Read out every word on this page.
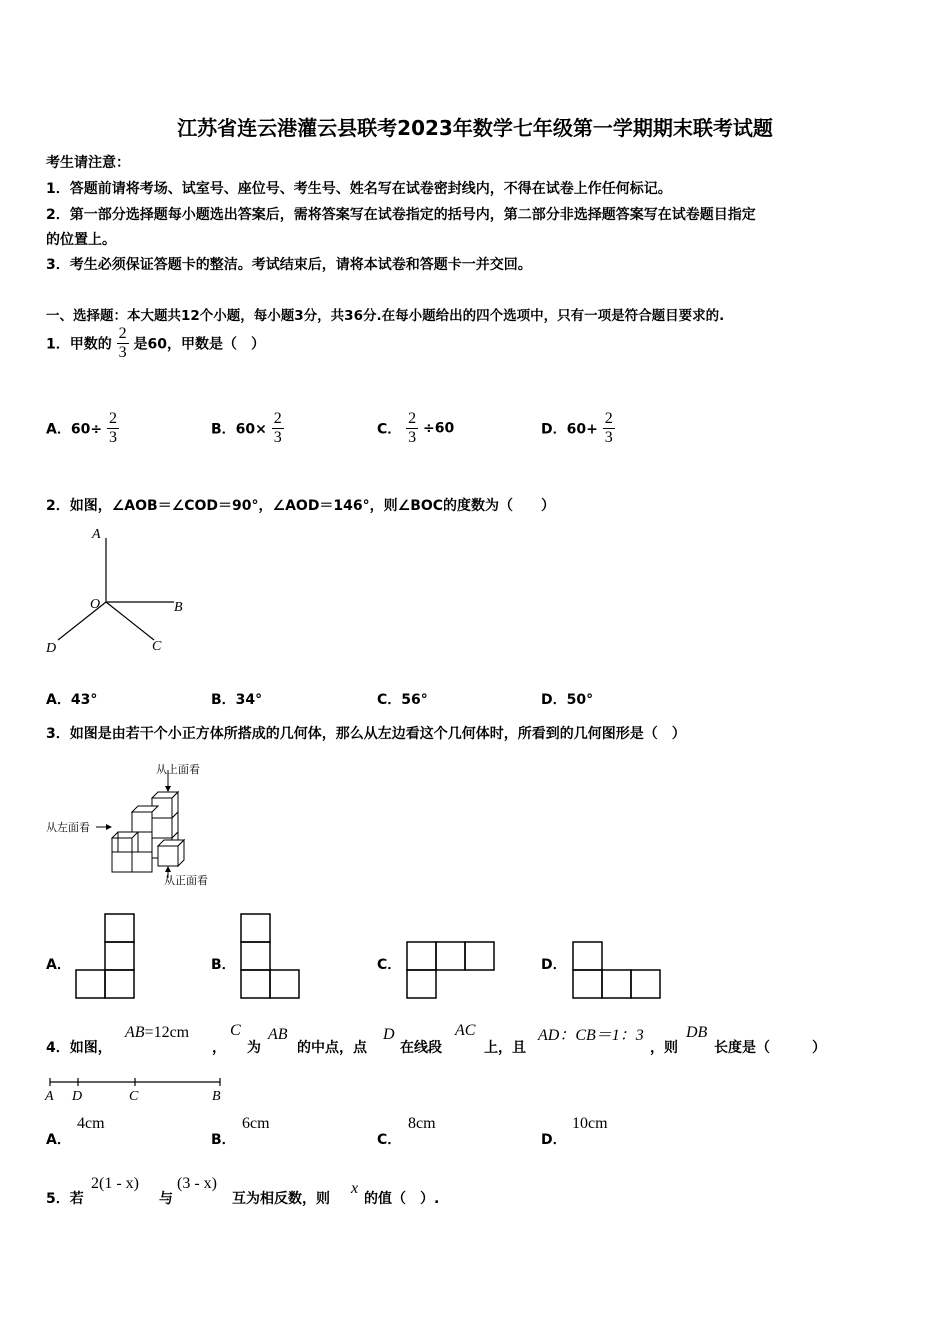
江苏省连云港灌云县联考2023年数学七年级第一学期期末联考试题
考生请注意：
1．答题前请将考场、试室号、座位号、考生号、姓名写在试卷密封线内，不得在试卷上作任何标记。
2．第一部分选择题每小题选出答案后，需将答案写在试卷指定的括号内，第二部分非选择题答案写在试卷题目指定
的位置上。
3．考生必须保证答题卡的整洁。考试结束后，请将本试卷和答题卡一并交回。
一、选择题：本大题共12个小题，每小题3分，共36分.在每小题给出的四个选项中，只有一项是符合题目要求的.
1．甲数的 $\frac{2}{3}$ 是60，甲数是（　）
A．$60\div \frac{2}{3}$	B．$60\times \frac{2}{3}$	C． $\frac{2}{3} \div 60$	D．$60+ \frac{2}{3}$
2．如图，∠AOB＝∠COD＝90°，∠AOD＝146°，则∠BOC的度数为（　　）
A
O	B
C
D
A．43°	B．34°	C．56°	D．50°
3．如图是由若干个小正方体所搭成的几何体，那么从左边看这个几何体时，所看到的几何图形是（　）
从上面看
从左面看
从正面看
A．	B．	C．	D．
4．如图，
AB=12cm
，
C
为
AB
的中点，点
D
在线段
AC
上，且
AD：CB＝1：3
，则
DB
长度是（　　　）
A D	C	B
A．
4cm
B．
6cm
C．
8cm
D．
10cm
5．若
2(1 - x)
与
(3 - x)
互为相反数，则
x
的值（　）.
